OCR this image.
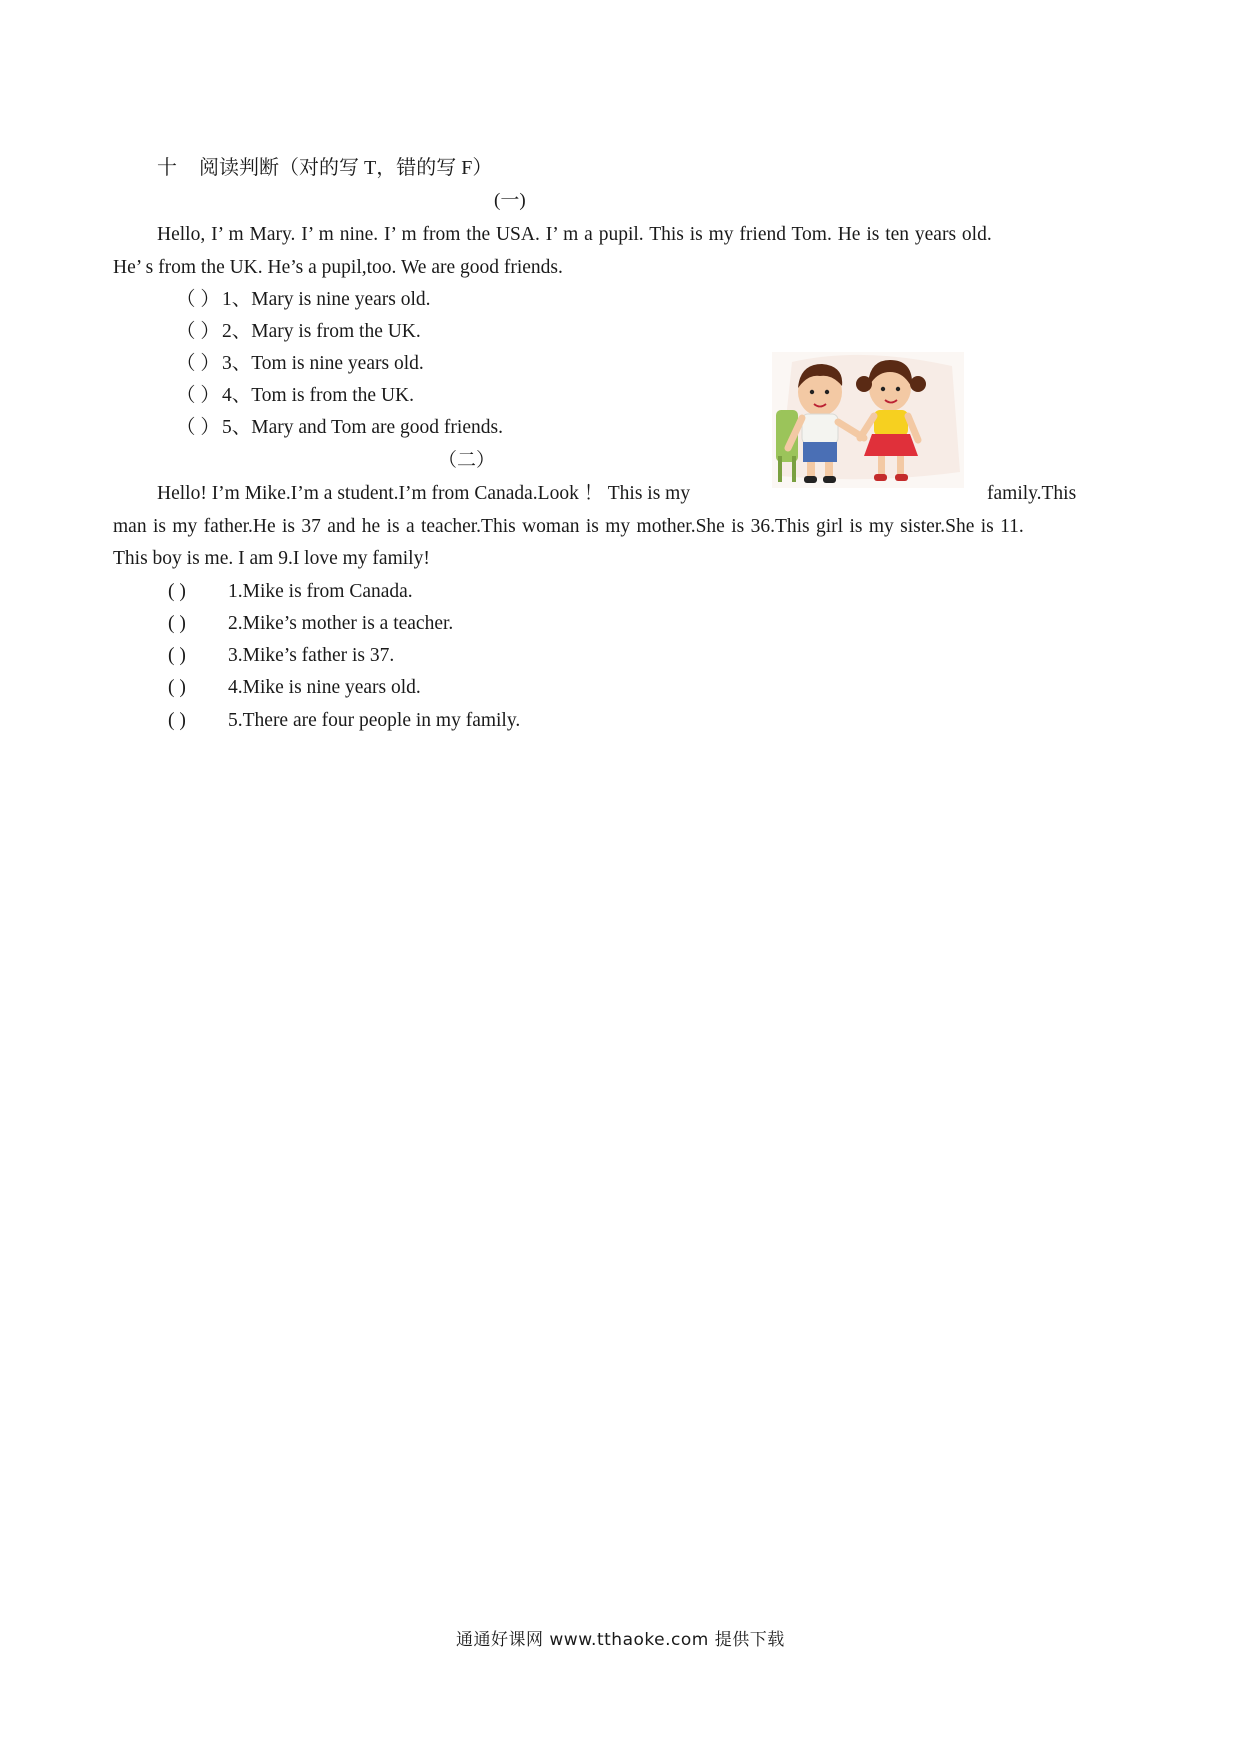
十 阅读判断（对的写 T，错的写 F）
(一)
Hello, I’ m Mary. I’ m nine. I’ m from the USA. I’ m a pupil. This is my friend Tom. He is ten years old.
He’ s from the UK. He’s a pupil,too. We are good friends.
（ ） 1、Mary is nine years old.
（ ） 2、Mary is from the UK.
（ ） 3、Tom is nine years old.
（ ） 4、Tom is from the UK.
（ ） 5、Mary and Tom are good friends.
（二）
Hello! I’m Mike.I’m a student.I’m from Canada.Look ！ This is my	family.This
man is my father.He is 37 and he is a teacher.This woman is my mother.She is 36.This girl is my sister.She is 11.
This boy is me. I am 9.I love my family!
( ) 1.Mike is from Canada.
( ) 2.Mike’s mother is a teacher.
( ) 3.Mike’s father is 37.
( ) 4.Mike is nine years old.
( ) 5.There are four people in my family.
通通好课网 www.tthaoke.com 提供下载
